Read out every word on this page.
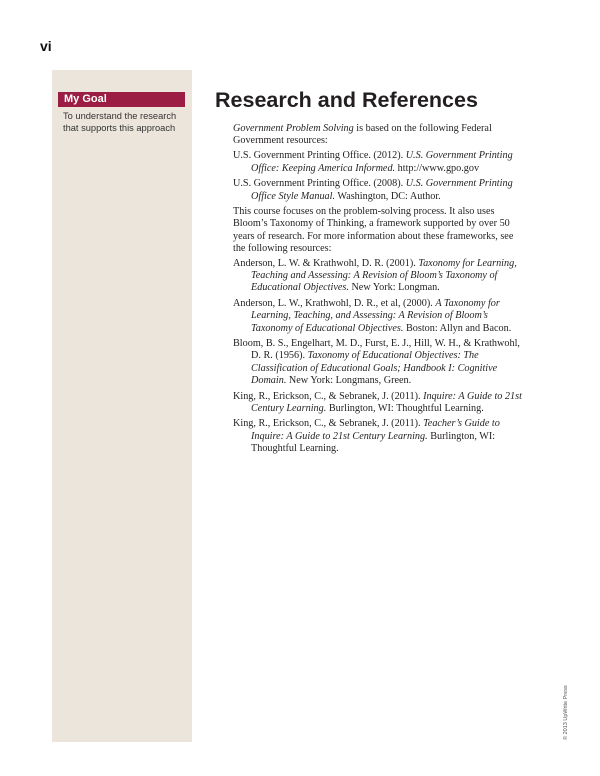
vi
My Goal
To understand the research that supports this approach
Research and References

Government Problem Solving is based on the following Federal Government resources:

U.S. Government Printing Office. (2012). U.S. Government Printing Office: Keeping America Informed. http://www.gpo.gov
U.S. Government Printing Office. (2008). U.S. Government Printing Office Style Manual. Washington, DC: Author.

This course focuses on the problem-solving process. It also uses Bloom’s Taxonomy of Thinking, a framework supported by over 50 years of research. For more information about these frameworks, see the following resources:

Anderson, L. W. & Krathwohl, D. R. (2001). Taxonomy for Learning, Teaching and Assessing: A Revision of Bloom’s Taxonomy of Educational Objectives. New York: Longman.
Anderson, L. W., Krathwohl, D. R., et al, (2000). A Taxonomy for Learning, Teaching, and Assessing: A Revision of Bloom’s Taxonomy of Educational Objectives. Boston: Allyn and Bacon.
Bloom, B. S., Engelhart, M. D., Furst, E. J., Hill, W. H., & Krathwohl, D. R. (1956). Taxonomy of Educational Objectives: The Classification of Educational Goals; Handbook I: Cognitive Domain. New York: Longmans, Green.
King, R., Erickson, C., & Sebranek, J. (2011). Inquire: A Guide to 21st Century Learning. Burlington, WI: Thoughtful Learning.
King, R., Erickson, C., & Sebranek, J. (2011). Teacher’s Guide to Inquire: A Guide to 21st Century Learning. Burlington, WI: Thoughtful Learning.
© 2013 UpWrite Press
